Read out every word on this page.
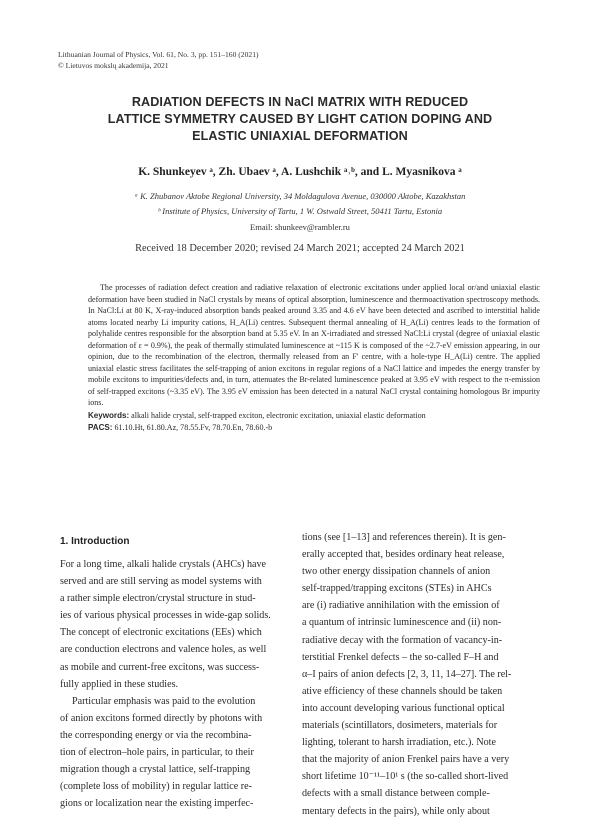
Lithuanian Journal of Physics, Vol. 61, No. 3, pp. 151–160 (2021)
© Lietuvos mokslų akademija, 2021
RADIATION DEFECTS IN NaCl MATRIX WITH REDUCED
LATTICE SYMMETRY CAUSED BY LIGHT CATION DOPING AND
ELASTIC UNIAXIAL DEFORMATION
K. Shunkeyev ᵃ, Zh. Ubaev ᵃ, A. Lushchik ᵃ˒ᵇ, and L. Myasnikova ᵃ
ᵃ K. Zhubanov Aktobe Regional University, 34 Moldagulova Avenue, 030000 Aktobe, Kazakhstan
ᵇ Institute of Physics, University of Tartu, 1 W. Ostwald Street, 50411 Tartu, Estonia
Email: shunkeev@rambler.ru
Received 18 December 2020; revised 24 March 2021; accepted 24 March 2021

The processes of radiation defect creation and radiative relaxation of electronic excitations under applied local or/and uniaxial elastic deformation have been studied in NaCl crystals by means of optical absorption, luminescence and thermoactivation spectroscopy methods. In NaCl:Li at 80 K, X-ray-induced absorption bands peaked around 3.35 and 4.6 eV have been detected and ascribed to interstitial halide atoms located nearby Li impurity cations, H_A(Li) centres. Subsequent thermal annealing of H_A(Li) centres leads to the formation of polyhalide centres responsible for the absorption band at 5.35 eV. In an X-irradiated and stressed NaCl:Li crystal (degree of uniaxial elastic deformation of ε = 0.9%), the peak of thermally stimulated luminescence at ~115 K is composed of the ~2.7-eV emission appearing, in our opinion, due to the recombination of the electron, thermally released from an F' centre, with a hole-type H_A(Li) centre. The applied uniaxial elastic stress facilitates the self-trapping of anion excitons in regular regions of a NaCl lattice and impedes the energy transfer by mobile excitons to impurities/defects and, in turn, attenuates the Br-related luminescence peaked at 3.95 eV with respect to the π-emission of self-trapped excitons (~3.35 eV). The 3.95 eV emission has been detected in a natural NaCl crystal containing homologous Br impurity ions.

Keywords: alkali halide crystal, self-trapped exciton, electronic excitation, uniaxial elastic deformation
PACS: 61.10.Ht, 61.80.Az, 78.55.Fv, 78.70.En, 78.60.-b
1. Introduction

For a long time, alkali halide crystals (AHCs) have

served and are still serving as model systems with

a rather simple electron/crystal structure in stud-

ies of various physical processes in wide-gap solids.

The concept of electronic excitations (EEs) which

are conduction electrons and valence holes, as well

as mobile and current-free excitons, was success-

fully applied in these studies.

Particular emphasis was paid to the evolution

of anion excitons formed directly by photons with

the corresponding energy or via the recombina-

tion of electron–hole pairs, in particular, to their

migration though a crystal lattice, self-trapping

(complete loss of mobility) in regular lattice re-

gions or localization near the existing imperfec-

tions (see [1–13] and references therein). It is gen-

erally accepted that, besides ordinary heat release,

two other energy dissipation channels of anion

self-trapped/trapping excitons (STEs) in AHCs

are (i) radiative annihilation with the emission of

a quantum of intrinsic luminescence and (ii) non-

radiative decay with the formation of vacancy-in-

terstitial Frenkel defects – the so-called F–H and

α–I pairs of anion defects [2, 3, 11, 14–27]. The rel-

ative efficiency of these channels should be taken

into account developing various functional optical

materials (scintillators, dosimeters, materials for

lighting, tolerant to harsh irradiation, etc.). Note

that the majority of anion Frenkel pairs have a very

short lifetime 10⁻¹¹–10¹ s (the so-called short-lived

defects with a small distance between comple-

mentary defects in the pairs), while only about
